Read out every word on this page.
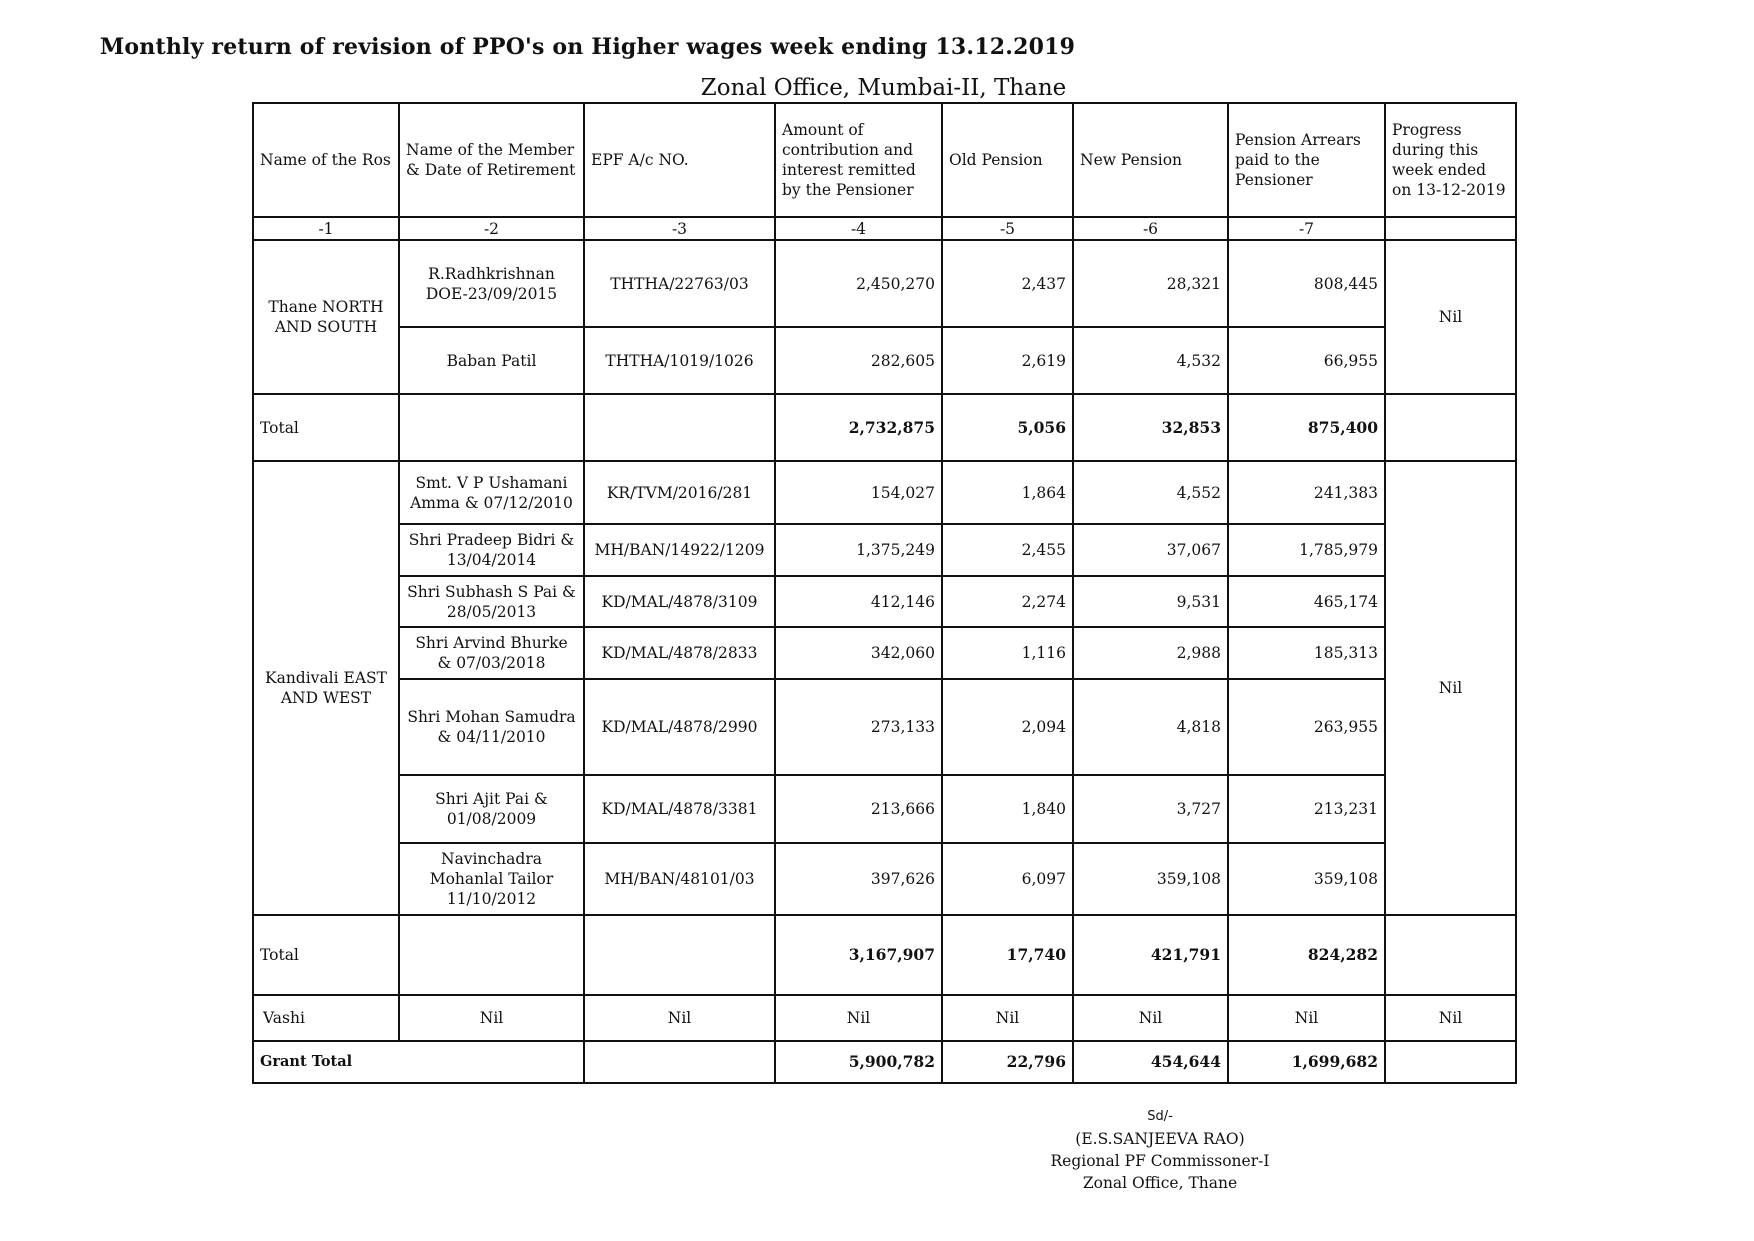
Monthly return of revision of PPO's on Higher wages week ending 13.12.2019
Zonal Office, Mumbai-II, Thane
Name of the Ros	Name of the Member & Date of Retirement	EPF A/c NO.	Amount of contribution and interest remitted by the Pensioner	Old Pension	New Pension	Pension Arrears paid to the Pensioner	Progress during this week ended on 13-12-2019
-1	-2	-3	-4	-5	-6	-7	
Thane NORTH AND SOUTH	R.Radhkrishnan DOE-23/09/2015	THTHA/22763/03	2,450,270	2,437	28,321	808,445	Nil
	Baban Patil	THTHA/1019/1026	282,605	2,619	4,532	66,955	
Total			2,732,875	5,056	32,853	875,400	
Kandivali EAST AND WEST	Smt. V P Ushamani Amma & 07/12/2010	KR/TVM/2016/281	154,027	1,864	4,552	241,383	Nil
	Shri Pradeep Bidri & 13/04/2014	MH/BAN/14922/1209	1,375,249	2,455	37,067	1,785,979	
	Shri Subhash S Pai & 28/05/2013	KD/MAL/4878/3109	412,146	2,274	9,531	465,174	
	Shri Arvind Bhurke & 07/03/2018	KD/MAL/4878/2833	342,060	1,116	2,988	185,313	
	Shri Mohan Samudra & 04/11/2010	KD/MAL/4878/2990	273,133	2,094	4,818	263,955	
	Shri Ajit Pai & 01/08/2009	KD/MAL/4878/3381	213,666	1,840	3,727	213,231	
	Navinchadra Mohanlal Tailor 11/10/2012	MH/BAN/48101/03	397,626	6,097	359,108	359,108	
Total			3,167,907	17,740	421,791	824,282	
Vashi	Nil	Nil	Nil	Nil	Nil	Nil	Nil
Grant Total			5,900,782	22,796	454,644	1,699,682	
Sd/-
(E.S.SANJEEVA RAO)
Regional PF Commissoner-I
Zonal Office, Thane
